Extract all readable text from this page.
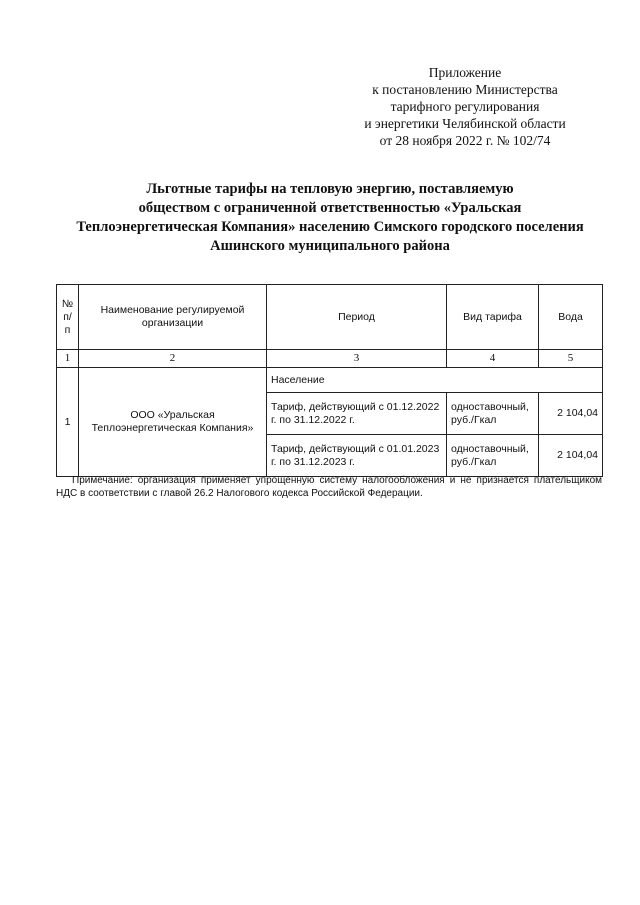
Приложение
к постановлению Министерства
тарифного регулирования
и энергетики Челябинской области
от 28 ноября 2022 г. № 102/74
Льготные тарифы на тепловую энергию, поставляемую
обществом с ограниченной ответственностью «Уральская
Теплоэнергетическая Компания» населению Симского городского поселения
Ашинского муниципального района
№ п/п	Наименование регулируемой организации	Период	Вид тарифа	Вода
1	2	3	4	5
1	ООО «Уральская Теплоэнергетическая Компания»	Население		
		Тариф, действующий с 01.12.2022 г. по 31.12.2022 г.	одноставочный, руб./Гкал	2 104,04
		Тариф, действующий с 01.01.2023 г. по 31.12.2023 г.	одноставочный, руб./Гкал	2 104,04
Примечание: организация применяет упрощенную систему налогообложения и не признается плательщиком НДС в соответствии с главой 26.2 Налогового кодекса Российской Федерации.
